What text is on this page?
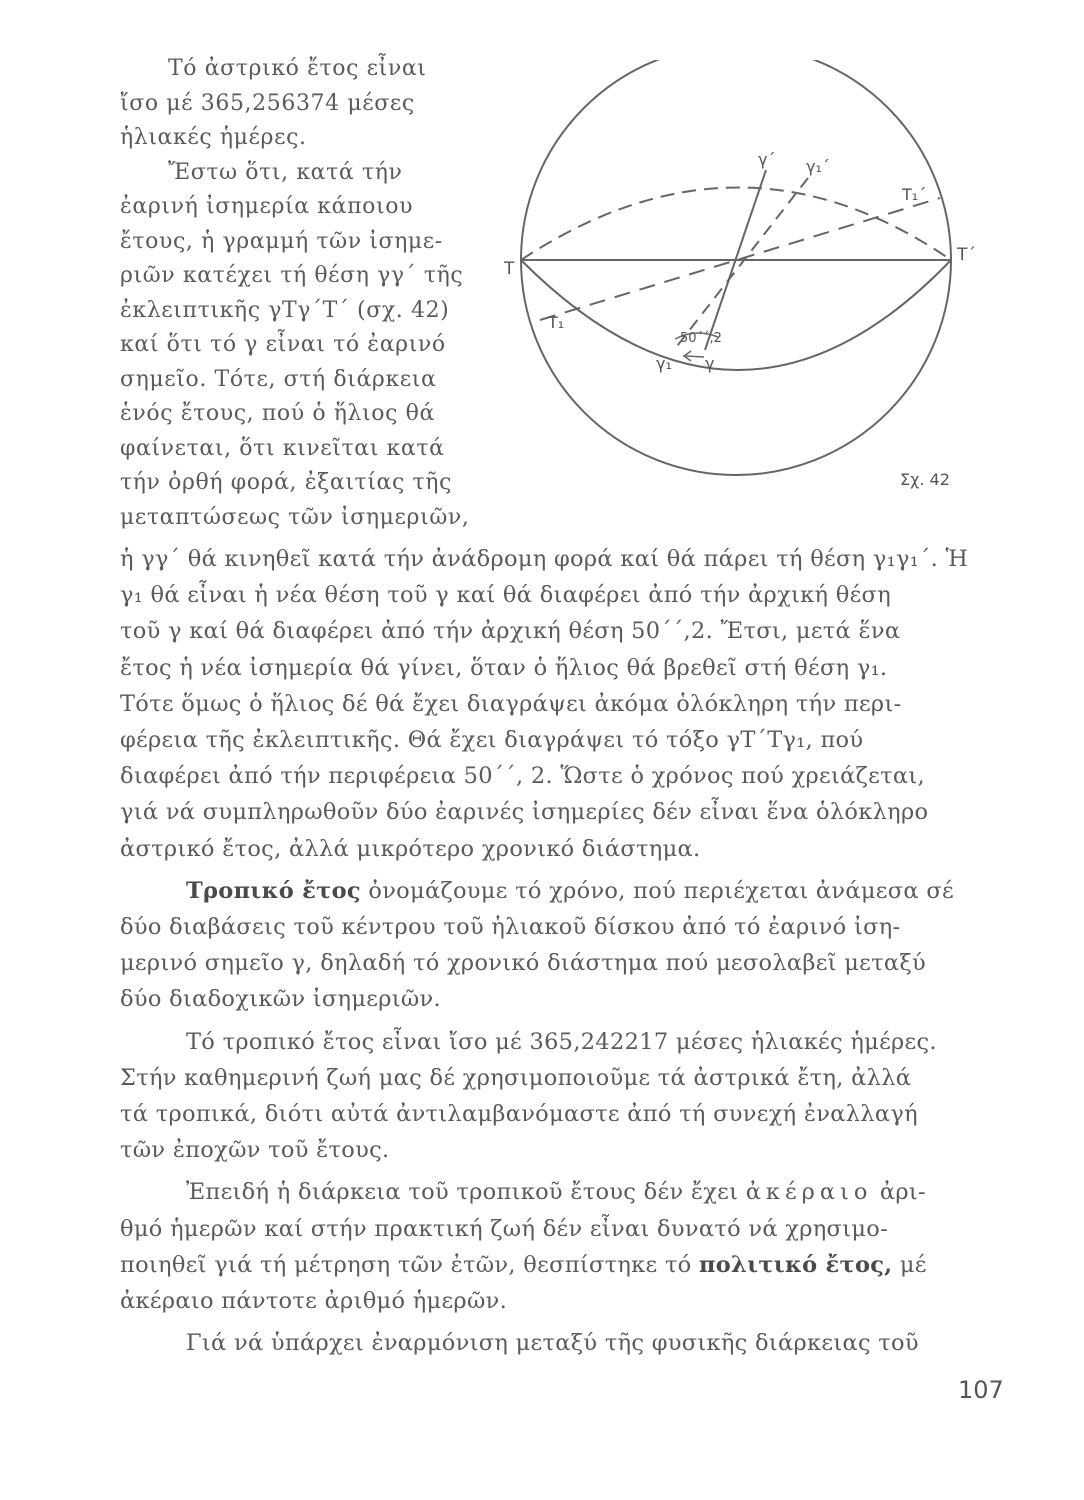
Τό ἀστρικό ἔτος εἶναι
ἴσο μέ 365,256374 μέσες
ἡλιακές ἡμέρες.
Ἔστω ὅτι, κατά τήν
ἐαρινή ἰσημερία κάποιου
ἔτους, ἡ γραμμή τῶν ἰσημε-
ριῶν κατέχει τή θέση γγ΄ τῆς
ἐκλειπτικῆς γΤγ΄Τ΄ (σχ. 42)
καί ὅτι τό γ εἶναι τό ἐαρινό
σημεῖο. Τότε, στή διάρκεια
ἑνός ἔτους, πού ὁ ἥλιος θά
φαίνεται, ὅτι κινεῖται κατά
τήν ὀρθή φορά, ἐξαιτίας τῆς
μεταπτώσεως τῶν ἰσημεριῶν,
T
T΄
T₁
T₁΄
γ΄ γ₁΄
γ₁ γ
50΄΄,2
Σχ. 42
ἡ γγ΄ θά κινηθεῖ κατά τήν ἀνάδρομη φορά καί θά πάρει τή θέση γ₁γ₁΄. Ἡ
γ₁ θά εἶναι ἡ νέα θέση τοῦ γ καί θά διαφέρει ἀπό τήν ἀρχική θέση
τοῦ γ καί θά διαφέρει ἀπό τήν ἀρχική θέση 50΄΄,2. Ἔτσι, μετά ἕνα
ἔτος ἡ νέα ἰσημερία θά γίνει, ὅταν ὁ ἥλιος θά βρεθεῖ στή θέση γ₁.
Τότε ὅμως ὁ ἥλιος δέ θά ἔχει διαγράψει ἀκόμα ὁλόκληρη τήν περι-
φέρεια τῆς ἐκλειπτικῆς. Θά ἔχει διαγράψει τό τόξο γΤ΄Τγ₁, πού
διαφέρει ἀπό τήν περιφέρεια 50΄΄, 2. Ὥστε ὁ χρόνος πού χρειάζεται,
γιά νά συμπληρωθοῦν δύο ἐαρινές ἰσημερίες δέν εἶναι ἕνα ὁλόκληρο
ἀστρικό ἔτος, ἀλλά μικρότερο χρονικό διάστημα.
Τροπικό ἔτος ὀνομάζουμε τό χρόνο, πού περιέχεται ἀνάμεσα σέ
δύο διαβάσεις τοῦ κέντρου τοῦ ἡλιακοῦ δίσκου ἀπό τό ἐαρινό ἰση-
μερινό σημεῖο γ, δηλαδή τό χρονικό διάστημα πού μεσολαβεῖ μεταξύ
δύο διαδοχικῶν ἰσημεριῶν.
Τό τροπικό ἔτος εἶναι ἴσο μέ 365,242217 μέσες ἡλιακές ἡμέρες.
Στήν καθημερινή ζωή μας δέ χρησιμοποιοῦμε τά ἀστρικά ἔτη, ἀλλά
τά τροπικά, διότι αὐτά ἀντιλαμβανόμαστε ἀπό τή συνεχή ἐναλλαγή
τῶν ἐποχῶν τοῦ ἔτους.
Ἐπειδή ἡ διάρκεια τοῦ τροπικοῦ ἔτους δέν ἔχει ἀκέραιο ἀρι-
θμό ἡμερῶν καί στήν πρακτική ζωή δέν εἶναι δυνατό νά χρησιμο-
ποιηθεῖ γιά τή μέτρηση τῶν ἐτῶν, θεσπίστηκε τό πολιτικό ἔτος, μέ
ἀκέραιο πάντοτε ἀριθμό ἡμερῶν.
Γιά νά ὑπάρχει ἐναρμόνιση μεταξύ τῆς φυσικῆς διάρκειας τοῦ
107
